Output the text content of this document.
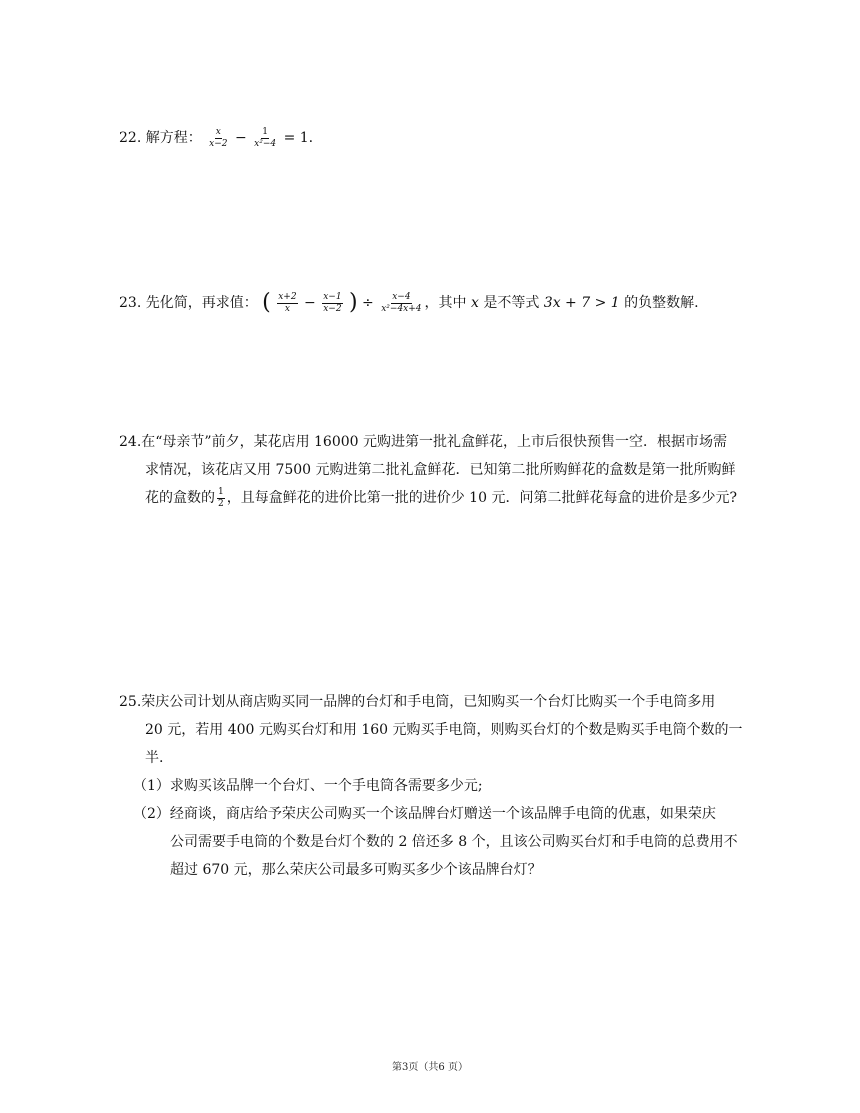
22. 解方程： $\frac{x}{x-2} - \frac{1}{\text{x²−4}} = 1$.
23. 先化简，再求值： ( $\frac{x+2}{x} - \frac{x-1}{x-2}$ ) ÷ $\frac{x-4}{\text{x²−4x+4}}$ ，其中 x 是不等式 3x + 7 > 1 的负整数解.
24.在“母亲节”前夕，某花店用 16000 元购进第一批礼盒鲜花，上市后很快预售一空．根据市场需
求情况，该花店又用 7500 元购进第二批礼盒鲜花．已知第二批所购鲜花的盒数是第一批所购鲜
花的盒数的 $\frac{1}{2}$ ，且每盒鲜花的进价比第一批的进价少 10 元．问第二批鲜花每盒的进价是多少元?
25.荣庆公司计划从商店购买同一品牌的台灯和手电筒，已知购买一个台灯比购买一个手电筒多用
20 元，若用 400 元购买台灯和用 160 元购买手电筒，则购买台灯的个数是购买手电筒个数的一
半.
（1）求购买该品牌一个台灯、一个手电筒各需要多少元;
（2）经商谈，商店给予荣庆公司购买一个该品牌台灯赠送一个该品牌手电筒的优惠，如果荣庆
公司需要手电筒的个数是台灯个数的 2 倍还多 8 个，且该公司购买台灯和手电筒的总费用不
超过 670 元，那么荣庆公司最多可购买多少个该品牌台灯？
第3页（共6 页）
